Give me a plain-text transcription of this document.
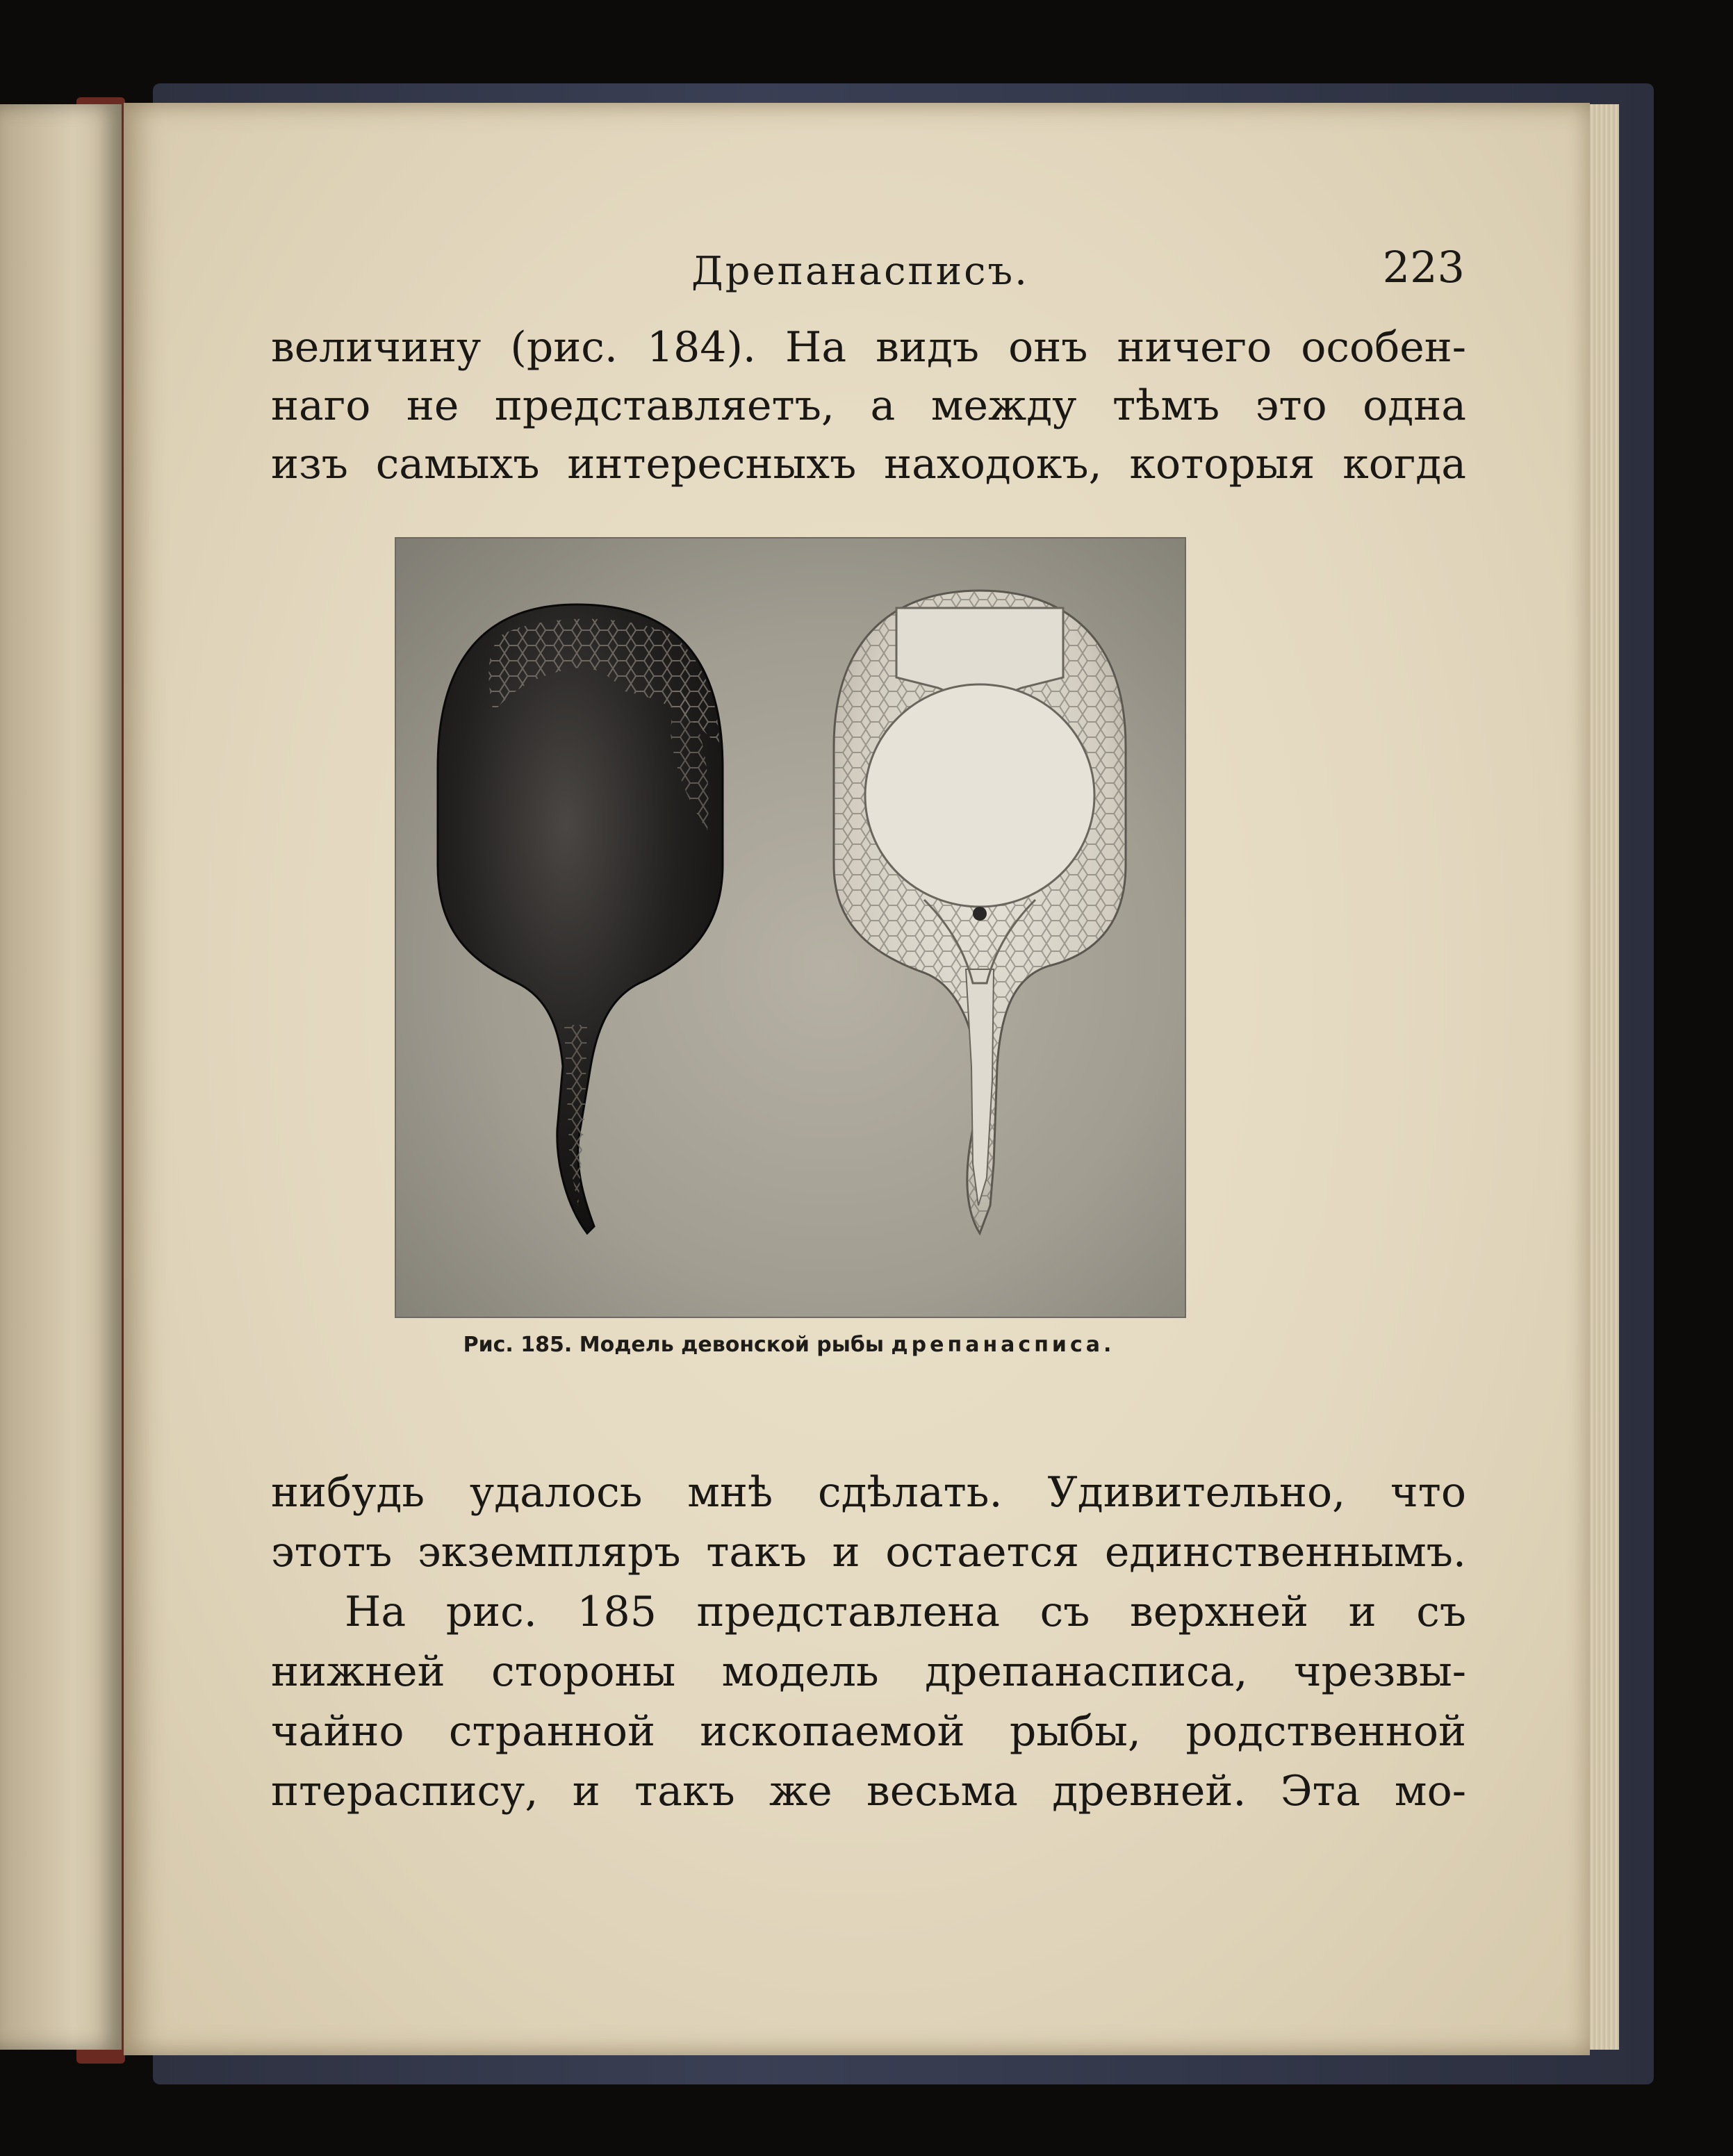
Дрепанасписъ.	223
величину (рис. 184). На видъ онъ ничего особен-
наго не представляетъ, а между тѣмъ это одна
изъ самыхъ интересныхъ находокъ, которыя когда
Рис. 185. Модель девонской рыбы дрепанасписа.
нибудь удалось мнѣ сдѣлать. Удивительно, что
этотъ экземпляръ такъ и остается единственнымъ.
На рис. 185 представлена съ верхней и съ
нижней стороны модель дрепанасписа, чрезвы-
чайно странной ископаемой рыбы, родственной
птераспису, и такъ же весьма древней. Эта мо-
